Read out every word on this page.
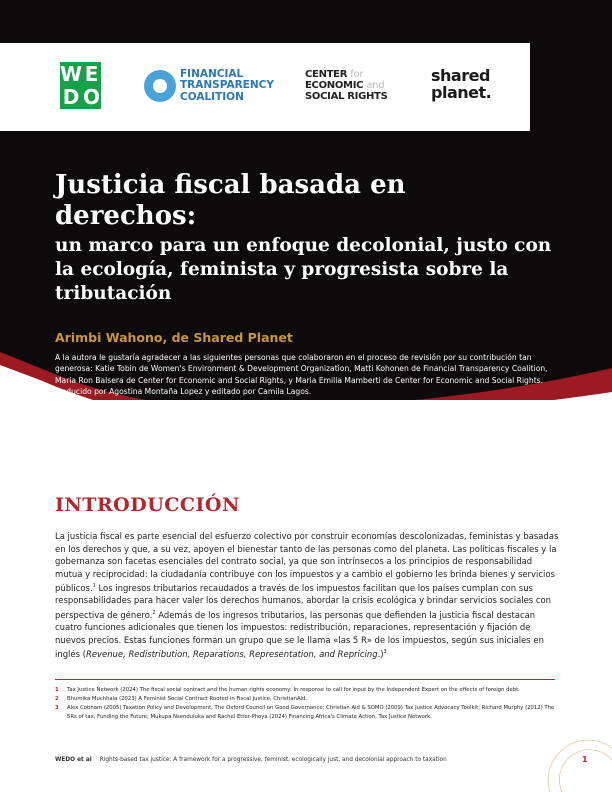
W E
D O
FINANCIAL
TRANSPARENCY
COALITION
CENTER for
ECONOMIC and
SOCIAL RIGHTS
shared
planet.
Justicia fiscal basada en derechos:
un marco para un enfoque decolonial, justo con la ecología, feminista y progresista sobre la tributación
Arimbi Wahono, de Shared Planet

A la autora le gustaría agradecer a las siguientes personas que colaboraron en el proceso de revisión por su contribución tan generosa: Katie Tobin de Women's Environment & Development Organization, Matti Kohonen de Financial Transparency Coalition, Maria Ron Balsera de Center for Economic and Social Rights, y Maria Emilia Mamberti de Center for Economic and Social Rights. Traducido por Agostina Montaña Lopez y editado por Camila Lagos.

INTRODUCCIÓN

La justicia fiscal es parte esencial del esfuerzo colectivo por construir economías descolonizadas, feministas y basadas en los derechos y que, a su vez, apoyen el bienestar tanto de las personas como del planeta. Las políticas fiscales y la gobernanza son facetas esenciales del contrato social, ya que son intrínsecos a los principios de responsabilidad mutua y reciprocidad: la ciudadanía contribuye con los impuestos y a cambio el gobierno les brinda bienes y servicios públicos.$^1$ Los ingresos tributarios recaudados a través de los impuestos facilitan que los países cumplan con sus responsabilidades para hacer valer los derechos humanos, abordar la crisis ecológica y brindar servicios sociales con perspectiva de género.$^2$ Además de los ingresos tributarios, las personas que defienden la justicia fiscal destacan cuatro funciones adicionales que tienen los impuestos: redistribución, reparaciones, representación y fijación de nuevos precios. Estas funciones forman un grupo que se le llama «las 5 R» de los impuestos, según sus iniciales en inglés (Revenue, Redistribution, Reparations, Representation, and Repricing.)$^3$

1	Tax Justice Network (2024) The fiscal social contract and the human rights economy: In response to call for input by the Independent Expert on the effects of foreign debt.
2	Bhumika Muchhala (2023) A Feminist Social Contract Rooted in Fiscal Justice, ChristianAid.
3	Alex Cobham (2005) Taxation Policy and Development, The Oxford Council on Good Governance; Christian Aid & SOMO (2009) Tax Justice Advocacy Toolkit; Richard Murphy (2012) The 5Rs of tax, Funding the Future; Mukupa Nsenduluka and Rachel Etter-Phoya (2024) Financing Africa's Climate Action, Tax Justice Network.
WEDO et al Rights-based tax justice: A framework for a progressive, feminist, ecologically just, and decolonial approach to taxation	1
